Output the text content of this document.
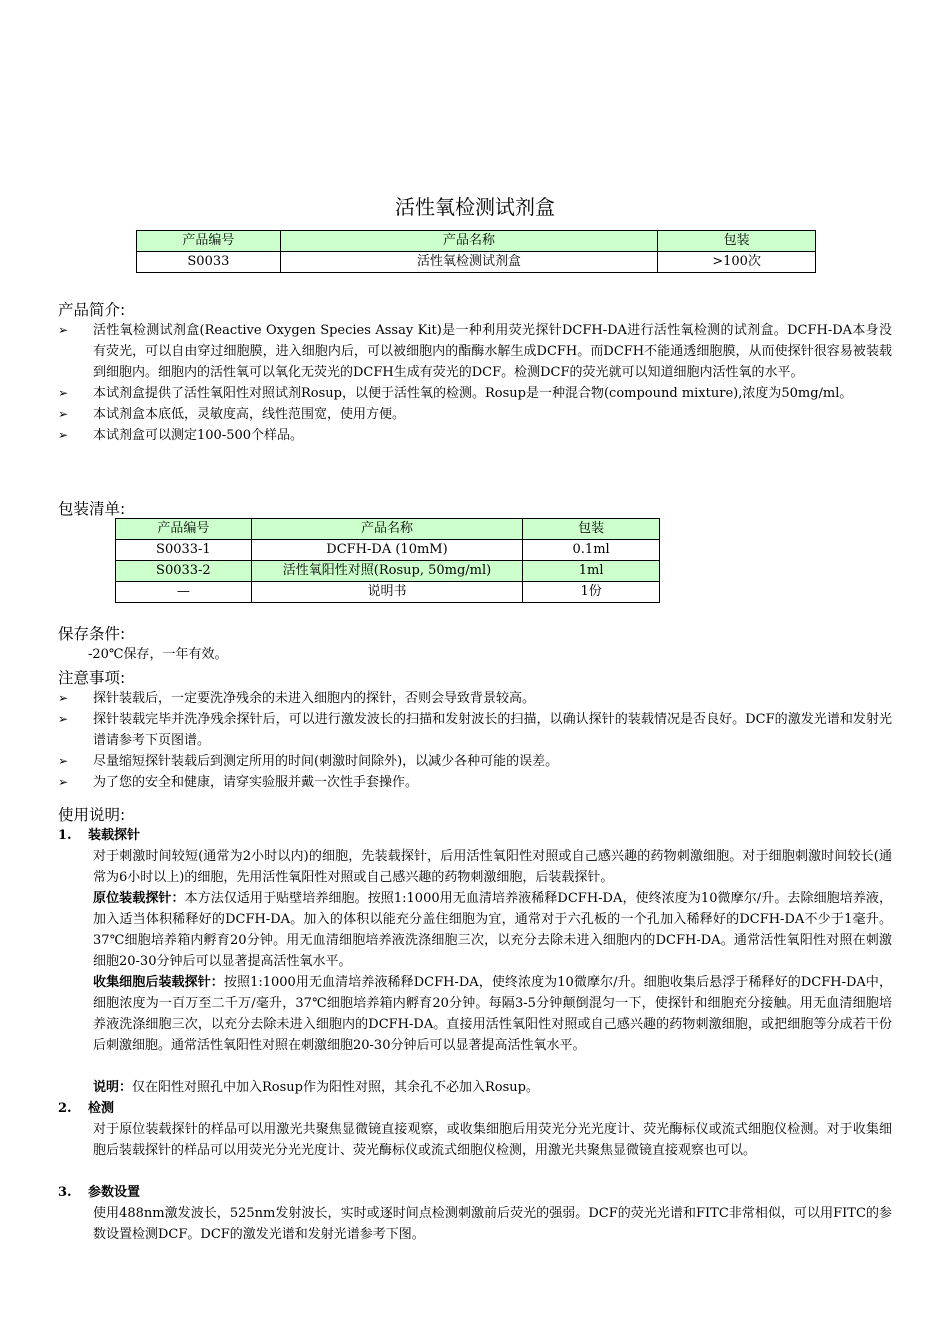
活性氧检测试剂盒
产品编号	产品名称	包装
S0033	活性氧检测试剂盒	>100次
产品简介:
➢ 活性氧检测试剂盒(Reactive Oxygen Species Assay Kit)是一种利用荧光探针DCFH-DA进行活性氧检测的试剂盒。DCFH-DA本身没有荧光，可以自由穿过细胞膜，进入细胞内后，可以被细胞内的酯酶水解生成DCFH。而DCFH不能通透细胞膜，从而使探针很容易被装载到细胞内。细胞内的活性氧可以氧化无荧光的DCFH生成有荧光的DCF。检测DCF的荧光就可以知道细胞内活性氧的水平。
➢ 本试剂盒提供了活性氧阳性对照试剂Rosup，以便于活性氧的检测。Rosup是一种混合物(compound mixture),浓度为50mg/ml。
➢ 本试剂盒本底低，灵敏度高，线性范围宽，使用方便。
➢ 本试剂盒可以测定100-500个样品。
包装清单:
产品编号	产品名称	包装
S0033-1	DCFH-DA (10mM)	0.1ml
S0033-2	活性氧阳性对照(Rosup, 50mg/ml)	1ml
—	说明书	1份
保存条件:
-20℃保存，一年有效。
注意事项:
➢ 探针装载后，一定要洗净残余的未进入细胞内的探针，否则会导致背景较高。
➢ 探针装载完毕并洗净残余探针后，可以进行激发波长的扫描和发射波长的扫描，以确认探针的装载情况是否良好。DCF的激发光谱和发射光谱请参考下页图谱。
➢ 尽量缩短探针装载后到测定所用的时间(刺激时间除外)，以减少各种可能的误差。
➢ 为了您的安全和健康，请穿实验服并戴一次性手套操作。
使用说明:
1. 装载探针
对于刺激时间较短(通常为2小时以内)的细胞，先装载探针，后用活性氧阳性对照或自己感兴趣的药物刺激细胞。对于细胞刺激时间较长(通常为6小时以上)的细胞，先用活性氧阳性对照或自己感兴趣的药物刺激细胞，后装载探针。
原位装载探针：本方法仅适用于贴壁培养细胞。按照1:1000用无血清培养液稀释DCFH-DA，使终浓度为10微摩尔/升。去除细胞培养液，加入适当体积稀释好的DCFH-DA。加入的体积以能充分盖住细胞为宜，通常对于六孔板的一个孔加入稀释好的DCFH-DA不少于1毫升。37℃细胞培养箱内孵育20分钟。用无血清细胞培养液洗涤细胞三次，以充分去除未进入细胞内的DCFH-DA。通常活性氧阳性对照在刺激细胞20-30分钟后可以显著提高活性氧水平。
收集细胞后装载探针：按照1:1000用无血清培养液稀释DCFH-DA，使终浓度为10微摩尔/升。细胞收集后悬浮于稀释好的DCFH-DA中，细胞浓度为一百万至二千万/毫升，37℃细胞培养箱内孵育20分钟。每隔3-5分钟颠倒混匀一下，使探针和细胞充分接触。用无血清细胞培养液洗涤细胞三次，以充分去除未进入细胞内的DCFH-DA。直接用活性氧阳性对照或自己感兴趣的药物刺激细胞，或把细胞等分成若干份后刺激细胞。通常活性氧阳性对照在刺激细胞20-30分钟后可以显著提高活性氧水平。
说明：仅在阳性对照孔中加入Rosup作为阳性对照，其余孔不必加入Rosup。
2. 检测
对于原位装载探针的样品可以用激光共聚焦显微镜直接观察，或收集细胞后用荧光分光光度计、荧光酶标仪或流式细胞仪检测。对于收集细胞后装载探针的样品可以用荧光分光光度计、荧光酶标仪或流式细胞仪检测，用激光共聚焦显微镜直接观察也可以。
3. 参数设置
使用488nm激发波长，525nm发射波长，实时或逐时间点检测刺激前后荧光的强弱。DCF的荧光光谱和FITC非常相似，可以用FITC的参数设置检测DCF。DCF的激发光谱和发射光谱参考下图。
